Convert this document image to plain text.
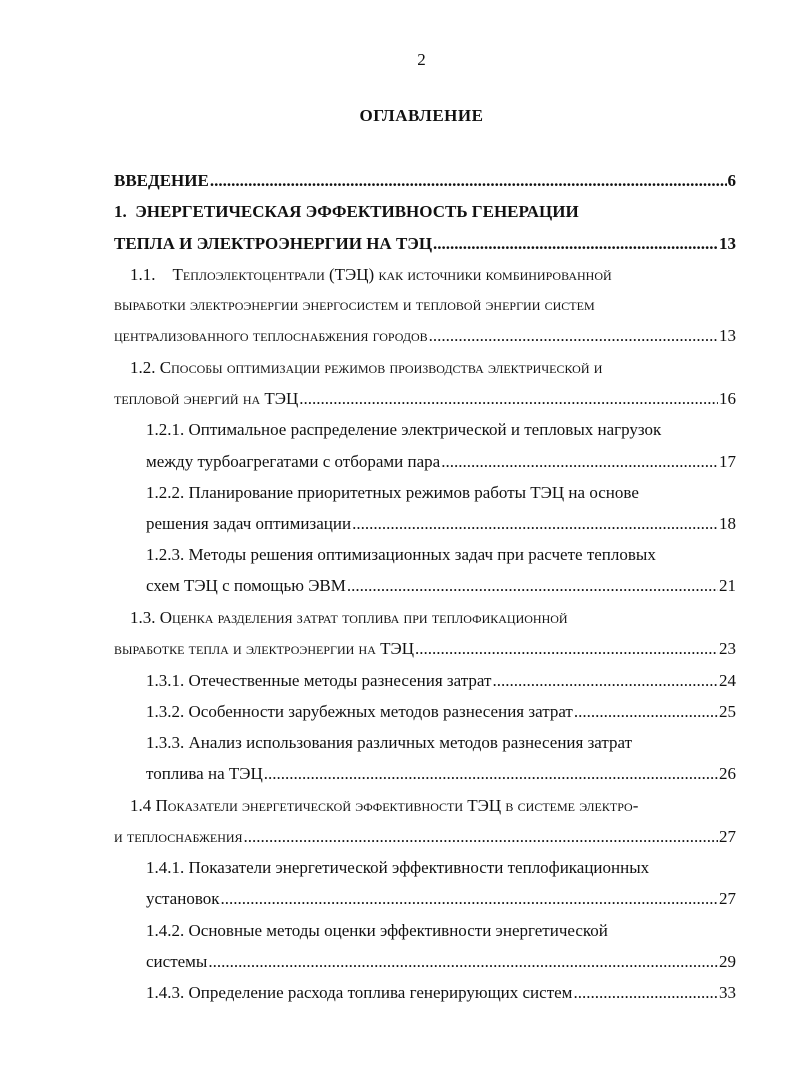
2
ОГЛАВЛЕНИЕ
ВВЕДЕНИЕ .....	6
1.  ЭНЕРГЕТИЧЕСКАЯ ЭФФЕКТИВНОСТЬ ГЕНЕРАЦИИ
ТЕПЛА И ЭЛЕКТРОЭНЕРГИИ НА ТЭЦ .....	13
1.1.    Теплоэлектоцентрали (ТЭЦ) как источники комбинированной
выработки электроэнергии энергосистем и тепловой энергии систем
централизованного теплоснабжения городов .....	13
1.2. Способы оптимизации режимов производства электрической и
тепловой энергий на ТЭЦ .....	16
1.2.1. Оптимальное распределение электрической и тепловых нагрузок
между турбоагрегатами с отборами пара .....	17
1.2.2. Планирование приоритетных режимов работы ТЭЦ на основе
решения задач оптимизации .....	18
1.2.3. Методы решения оптимизационных задач при расчете тепловых
схем ТЭЦ с помощью ЭВМ .....	21
1.3. Оценка разделения затрат топлива при теплофикационной
выработке тепла и электроэнергии на ТЭЦ .....	23
1.3.1. Отечественные методы разнесения затрат .....	24
1.3.2. Особенности зарубежных методов разнесения затрат .....	25
1.3.3. Анализ использования различных методов разнесения затрат
топлива на ТЭЦ .....	26
1.4 Показатели энергетической эффективности ТЭЦ в системе электро-
и теплоснабжения .....	27
1.4.1. Показатели энергетической эффективности теплофикационных
установок .....	27
1.4.2. Основные методы оценки эффективности энергетической
системы .....	29
1.4.3. Определение расхода топлива генерирующих систем .....	33
